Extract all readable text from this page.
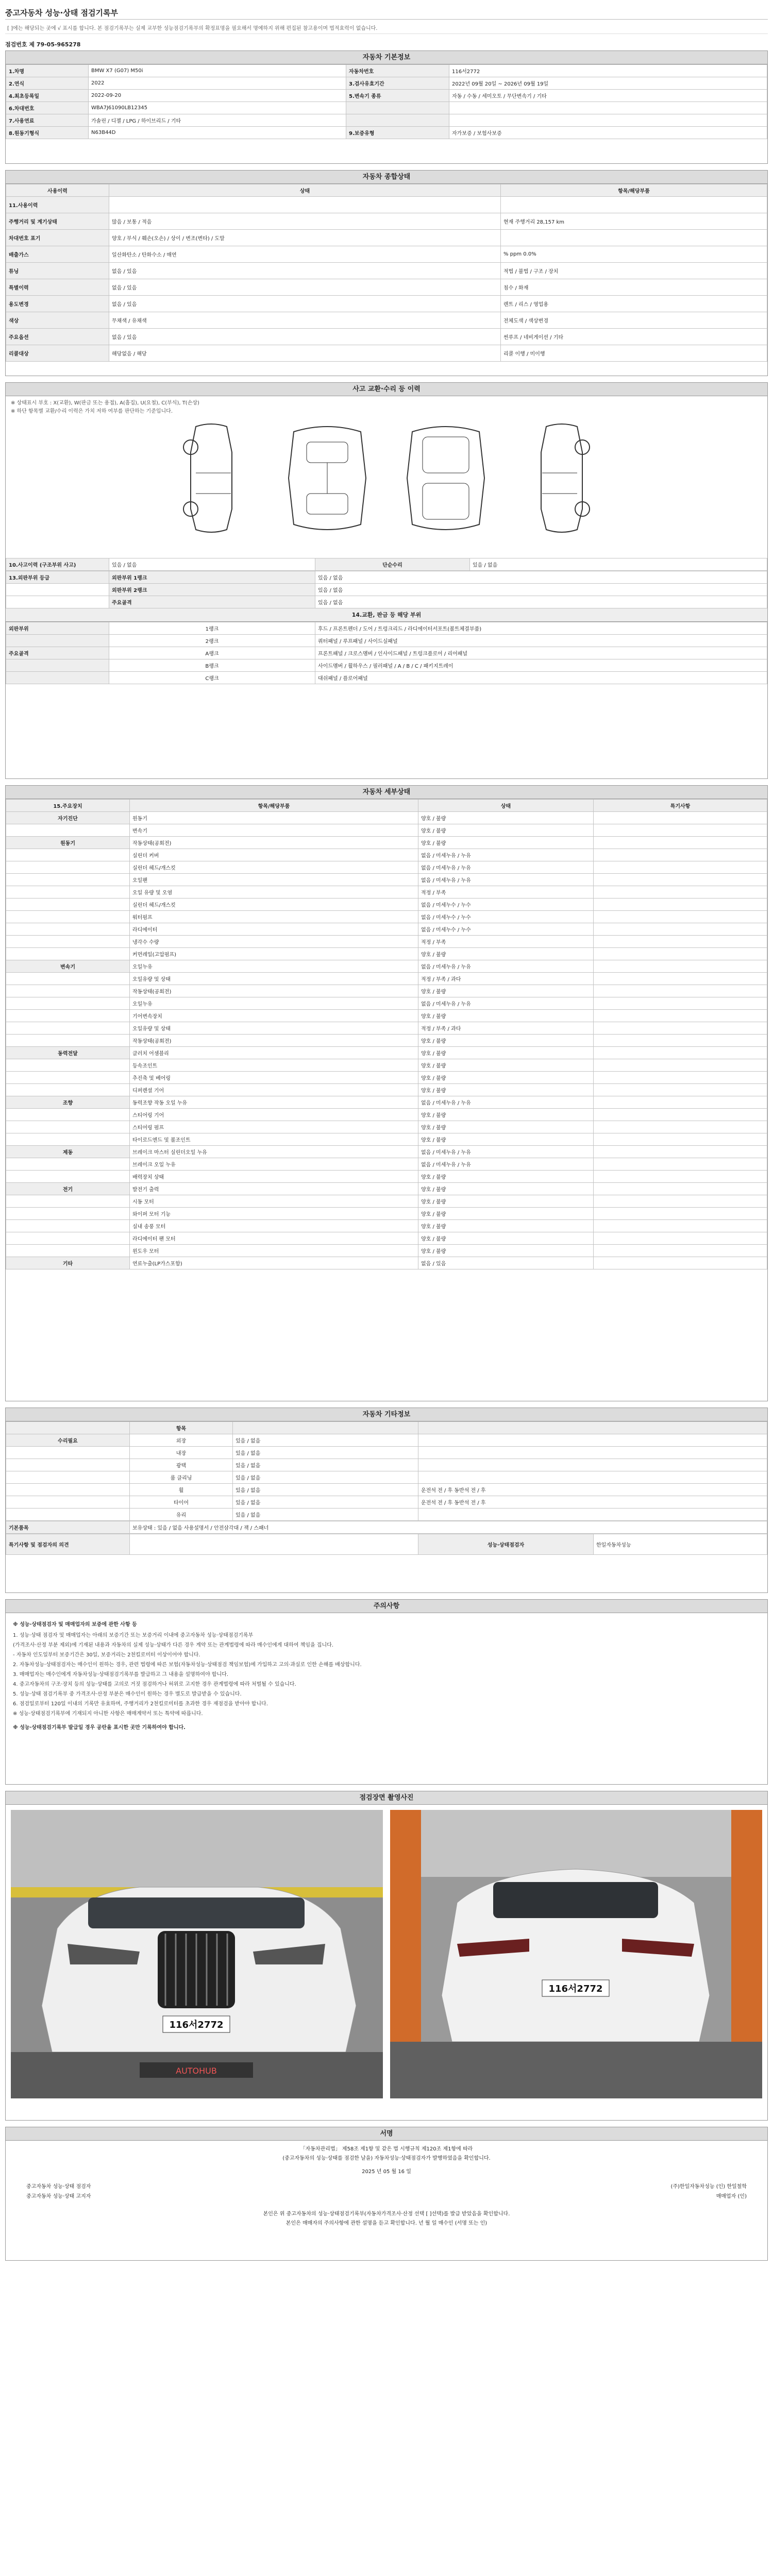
중고자동차 성능·상태 점검기록부
[ ]에는 해당되는 곳에 √ 표시를 합니다. 본 점검기록부는 실제 교부한 성능점검기록부의 확정표명을 필요해서 명예하지 위해 편집된 참고용이며 법적효력이 없습니다.
점검번호 제 79-05-965278
자동차 기본정보
1.차명	BMW X7 (G07) M50i	자동차번호	116서2772
2.연식	2022	3.검사유효기간	2022년 09월 20일 ~ 2026년 09월 19일
4.최초등록일	2022-09-20	5.변속기 종류	자동 / 수동 / 세미오토 / 무단변속기 / 기타
6.차대번호	WBA7J61090LB12345		
7.사용연료	가솔린 / 디젤 / LPG / 하이브리드 / 기타		
8.원동기형식	N63B44D	9.보증유형	자가보증 / 보험사보증
자동차 종합상태
사용이력	상태	항목/해당부품
11.사용이력		
주행거리 및 계기상태	많음 / 보통 / 적음	현재 주행거리 28,157 km
차대번호 표기	양호 / 부식 / 훼손(오손) / 상이 / 변조(변타) / 도말	
배출가스	일산화탄소 / 탄화수소 / 매연	% ppm 0.0%
튜닝	없음 / 있음	적법 / 불법 / 구조 / 장치
특별이력	없음 / 있음	침수 / 화재
용도변경	없음 / 있음	렌트 / 리스 / 영업용
색상	무채색 / 유채색	전체도색 / 색상변경
주요옵션	없음 / 있음	썬루프 / 네비게이션 / 기타
리콜대상	해당없음 / 해당	리콜 이행 / 미이행
사고 교환·수리 등 이력
※ 상태표시 부호 : X(교환), W(판금 또는 용접), A(흠집), U(요철), C(부식), T(손상)
※ 하단 항목별 교환/수리 이력은 가치 저하 여부를 판단하는 기준입니다.
10.사고이력 (구조부위 사고)	있음 / 없음	단순수리	있음 / 없음
13.외판부위 등급	외판부위 1랭크	있음 / 없음
	외판부위 2랭크	있음 / 없음
	주요골격	있음 / 없음
14.교환, 판금 등 해당 부위
외판부위	1랭크	후드 / 프론트펜더 / 도어 / 트렁크리드 / 라디에이터서포트(볼트체결부품)
	2랭크	쿼터패널 / 루프패널 / 사이드실패널
주요골격	A랭크	프론트패널 / 크로스멤버 / 인사이드패널 / 트렁크플로어 / 리어패널
	B랭크	사이드멤버 / 휠하우스 / 필러패널 / A / B / C / 패키지트레이
	C랭크	대쉬패널 / 플로어패널
자동차 세부상태
15.주요장치	항목/해당부품	상태	특기사항
자기진단	원동기	양호 / 불량	
	변속기	양호 / 불량	
원동기	작동상태(공회전)	양호 / 불량	
	실린더 커버	없음 / 미세누유 / 누유	
	실린더 헤드/개스킷	없음 / 미세누유 / 누유	
	오일팬	없음 / 미세누유 / 누유	
	오일 유량 및 오염	적정 / 부족	
	실린더 헤드/개스킷	없음 / 미세누수 / 누수	
	워터펌프	없음 / 미세누수 / 누수	
	라디에이터	없음 / 미세누수 / 누수	
	냉각수 수량	적정 / 부족	
	커먼레일(고압펌프)	양호 / 불량	
변속기	오일누유	없음 / 미세누유 / 누유	
	오일유량 및 상태	적정 / 부족 / 과다	
	작동상태(공회전)	양호 / 불량	
	오일누유	없음 / 미세누유 / 누유	
	기어변속장치	양호 / 불량	
	오일유량 및 상태	적정 / 부족 / 과다	
	작동상태(공회전)	양호 / 불량	
동력전달	클러치 어셈블리	양호 / 불량	
	등속조인트	양호 / 불량	
	추진축 및 베어링	양호 / 불량	
	디퍼렌셜 기어	양호 / 불량	
조향	동력조향 작동 오일 누유	없음 / 미세누유 / 누유	
	스티어링 기어	양호 / 불량	
	스티어링 펌프	양호 / 불량	
	타이로드엔드 및 볼조인트	양호 / 불량	
제동	브레이크 마스터 실린더오일 누유	없음 / 미세누유 / 누유	
	브레이크 오일 누유	없음 / 미세누유 / 누유	
	배력장치 상태	양호 / 불량	
전기	발전기 출력	양호 / 불량	
	시동 모터	양호 / 불량	
	와이퍼 모터 기능	양호 / 불량	
	실내 송풍 모터	양호 / 불량	
	라디에이터 팬 모터	양호 / 불량	
	윈도우 모터	양호 / 불량	
기타	연료누출(LP가스포함)	없음 / 있음	
자동차 기타정보
	항목		
수리필요	외장	있음 / 없음	
	내장	있음 / 없음	
	광택	있음 / 없음	
	룸 클리닝	있음 / 없음	
	휠	있음 / 없음	운전석 전 / 후 동반석 전 / 후
	타이어	있음 / 없음	운전석 전 / 후 동반석 전 / 후
	유리	있음 / 없음	
기본품목	보유상태 : 있음 / 없음 사용설명서 / 안전삼각대 / 잭 / 스패너
특기사항 및 점검자의 의견		성능·상태점검자	한일자동차성능
주의사항
※ 성능·상태점검자 및 매매업자의 보증에 관한 사항 등

1. 성능·상태 점검자 및 매매업자는 아래의 보증기간 또는 보증거리 이내에 중고자동차 성능·상태점검기록부

(가격조사·산정 부분 제외)에 기재된 내용과 자동차의 실제 성능·상태가 다른 경우 계약 또는 관계법령에 따라 매수인에게 대하여 책임을 집니다.

- 자동차 인도일부터 보증기간은 30일, 보증거리는 2천킬로미터 이상이어야 합니다.

2. 자동차성능·상태점검자는 매수인이 원하는 경우, 관련 법령에 따른 보험(자동차성능·상태점검 책임보험)에 가입하고 고의·과실로 인한 손해를 배상합니다.

3. 매매업자는 매수인에게 자동차성능·상태점검기록부를 발급하고 그 내용을 설명하여야 합니다.

4. 중고자동차의 구조·장치 등의 성능·상태를 고의로 거짓 점검하거나 허위로 고지한 경우 관계법령에 따라 처벌될 수 있습니다.

5. 성능·상태 점검기록부 중 가격조사·산정 부분은 매수인이 원하는 경우 별도로 발급받을 수 있습니다.

6. 점검일로부터 120일 이내의 기록만 유효하며, 주행거리가 2천킬로미터를 초과한 경우 재점검을 받아야 합니다.

※ 성능·상태점검기록부에 기재되지 아니한 사항은 매매계약서 또는 특약에 따릅니다.

※ 성능·상태점검기록부 발급일 경우 공란을 표시한 곳만 기록하여야 합니다.
점검장면 촬영사진
116서2772
AUTOHUB
116서2772
서명
「자동차관리법」 제58조 제1항 및 같은 법 시행규칙 제120조 제1항에 따라
(중고자동차의 성능·상태를 점검한 날을) 자동차성능·상태점검자가 발행하였음을 확인합니다.
2025 년 05 월 16 일
중고자동차 성능·상태 점검자	(주)한일자동차성능 (인) 한일철학
중고자동차 성능·상태 고지자	매매업자 (인)
본인은 위 중고자동차의 성능·상태점검기록부(자동차가격조사·산정 선택 [ ]선택)를 발급 받았음을 확인합니다.
본인은 매매자의 주의사항에 관한 설명을 듣고 확인합니다. 년 월 일 매수인 (서명 또는 인)
